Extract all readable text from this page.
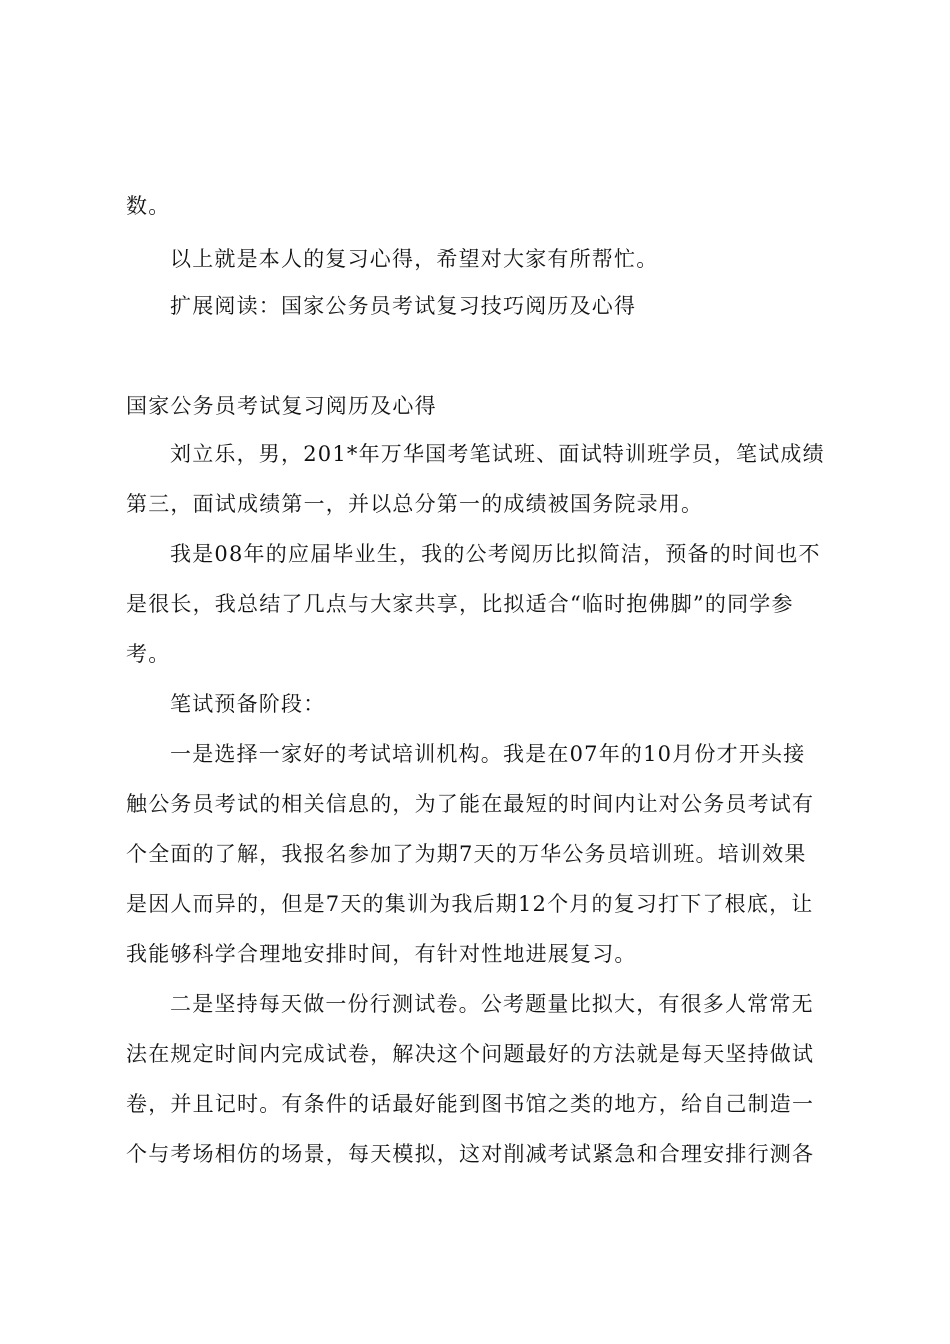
数。
以上就是本人的复习心得，希望对大家有所帮忙。
扩展阅读：国家公务员考试复习技巧阅历及心得
国家公务员考试复习阅历及心得
刘立乐，男，201*年万华国考笔试班、面试特训班学员，笔试成绩
第三，面试成绩第一，并以总分第一的成绩被国务院录用。
我是08年的应届毕业生，我的公考阅历比拟简洁，预备的时间也不
是很长，我总结了几点与大家共享，比拟适合“临时抱佛脚”的同学参
考。
笔试预备阶段：
一是选择一家好的考试培训机构。我是在07年的10月份才开头接
触公务员考试的相关信息的，为了能在最短的时间内让对公务员考试有
个全面的了解，我报名参加了为期7天的万华公务员培训班。培训效果
是因人而异的，但是7天的集训为我后期12个月的复习打下了根底，让
我能够科学合理地安排时间，有针对性地进展复习。
二是坚持每天做一份行测试卷。公考题量比拟大，有很多人常常无
法在规定时间内完成试卷，解决这个问题最好的方法就是每天坚持做试
卷，并且记时。有条件的话最好能到图书馆之类的地方，给自己制造一
个与考场相仿的场景，每天模拟，这对削减考试紧急和合理安排行测各
